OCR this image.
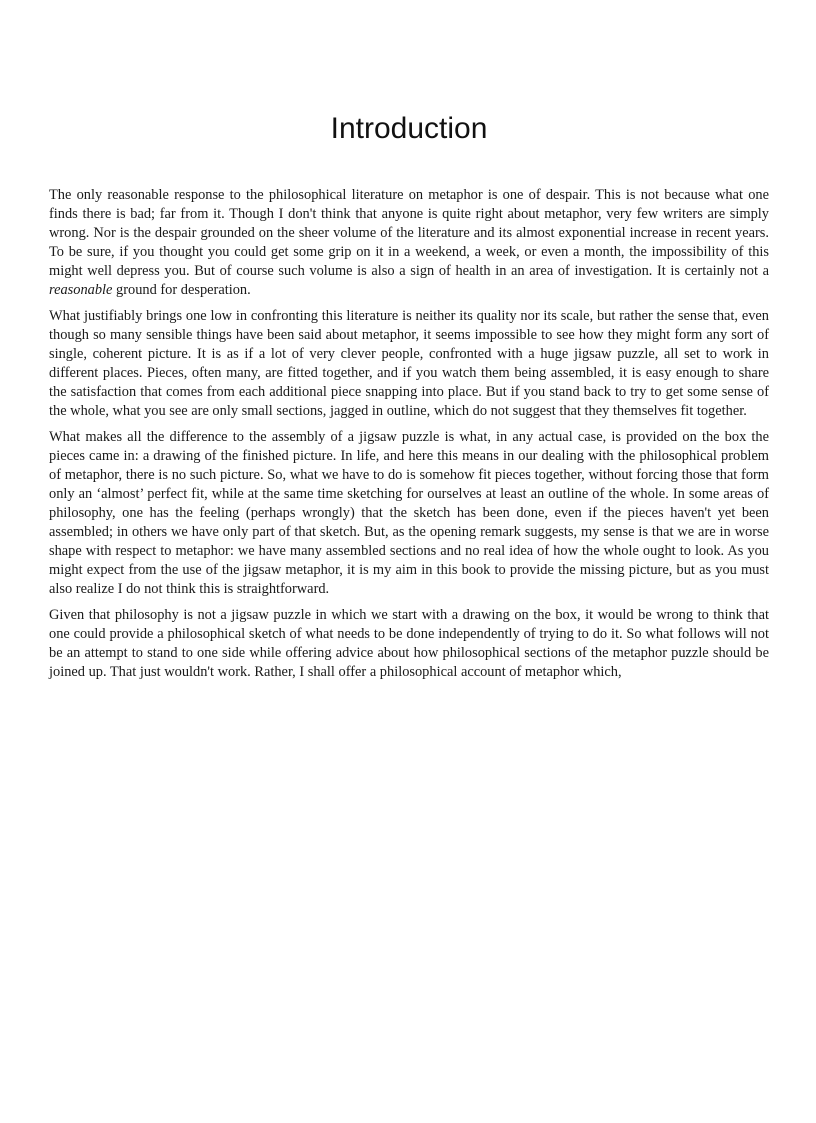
Introduction

The only reasonable response to the philosophical literature on metaphor is one of despair. This is not because what one finds there is bad; far from it. Though I don't think that anyone is quite right about metaphor, very few writers are simply wrong. Nor is the despair grounded on the sheer volume of the literature and its almost exponential increase in recent years. To be sure, if you thought you could get some grip on it in a weekend, a week, or even a month, the impossibility of this might well depress you. But of course such volume is also a sign of health in an area of investigation. It is certainly not a reasonable ground for desperation.

What justifiably brings one low in confronting this literature is neither its quality nor its scale, but rather the sense that, even though so many sensible things have been said about metaphor, it seems impossible to see how they might form any sort of single, coherent picture. It is as if a lot of very clever people, confronted with a huge jigsaw puzzle, all set to work in different places. Pieces, often many, are fitted together, and if you watch them being assembled, it is easy enough to share the satisfaction that comes from each additional piece snapping into place. But if you stand back to try to get some sense of the whole, what you see are only small sections, jagged in outline, which do not suggest that they themselves fit together.

What makes all the difference to the assembly of a jigsaw puzzle is what, in any actual case, is provided on the box the pieces came in: a drawing of the finished picture. In life, and here this means in our dealing with the philosophical problem of metaphor, there is no such picture. So, what we have to do is somehow fit pieces together, without forcing those that form only an ‘almost’ perfect fit, while at the same time sketching for ourselves at least an outline of the whole. In some areas of philosophy, one has the feeling (perhaps wrongly) that the sketch has been done, even if the pieces haven't yet been assembled; in others we have only part of that sketch. But, as the opening remark suggests, my sense is that we are in worse shape with respect to metaphor: we have many assembled sections and no real idea of how the whole ought to look. As you might expect from the use of the jigsaw metaphor, it is my aim in this book to provide the missing picture, but as you must also realize I do not think this is straightforward.

Given that philosophy is not a jigsaw puzzle in which we start with a drawing on the box, it would be wrong to think that one could provide a philosophical sketch of what needs to be done independently of trying to do it. So what follows will not be an attempt to stand to one side while offering advice about how philosophical sections of the metaphor puzzle should be joined up. That just wouldn't work. Rather, I shall offer a philosophical account of metaphor which,
